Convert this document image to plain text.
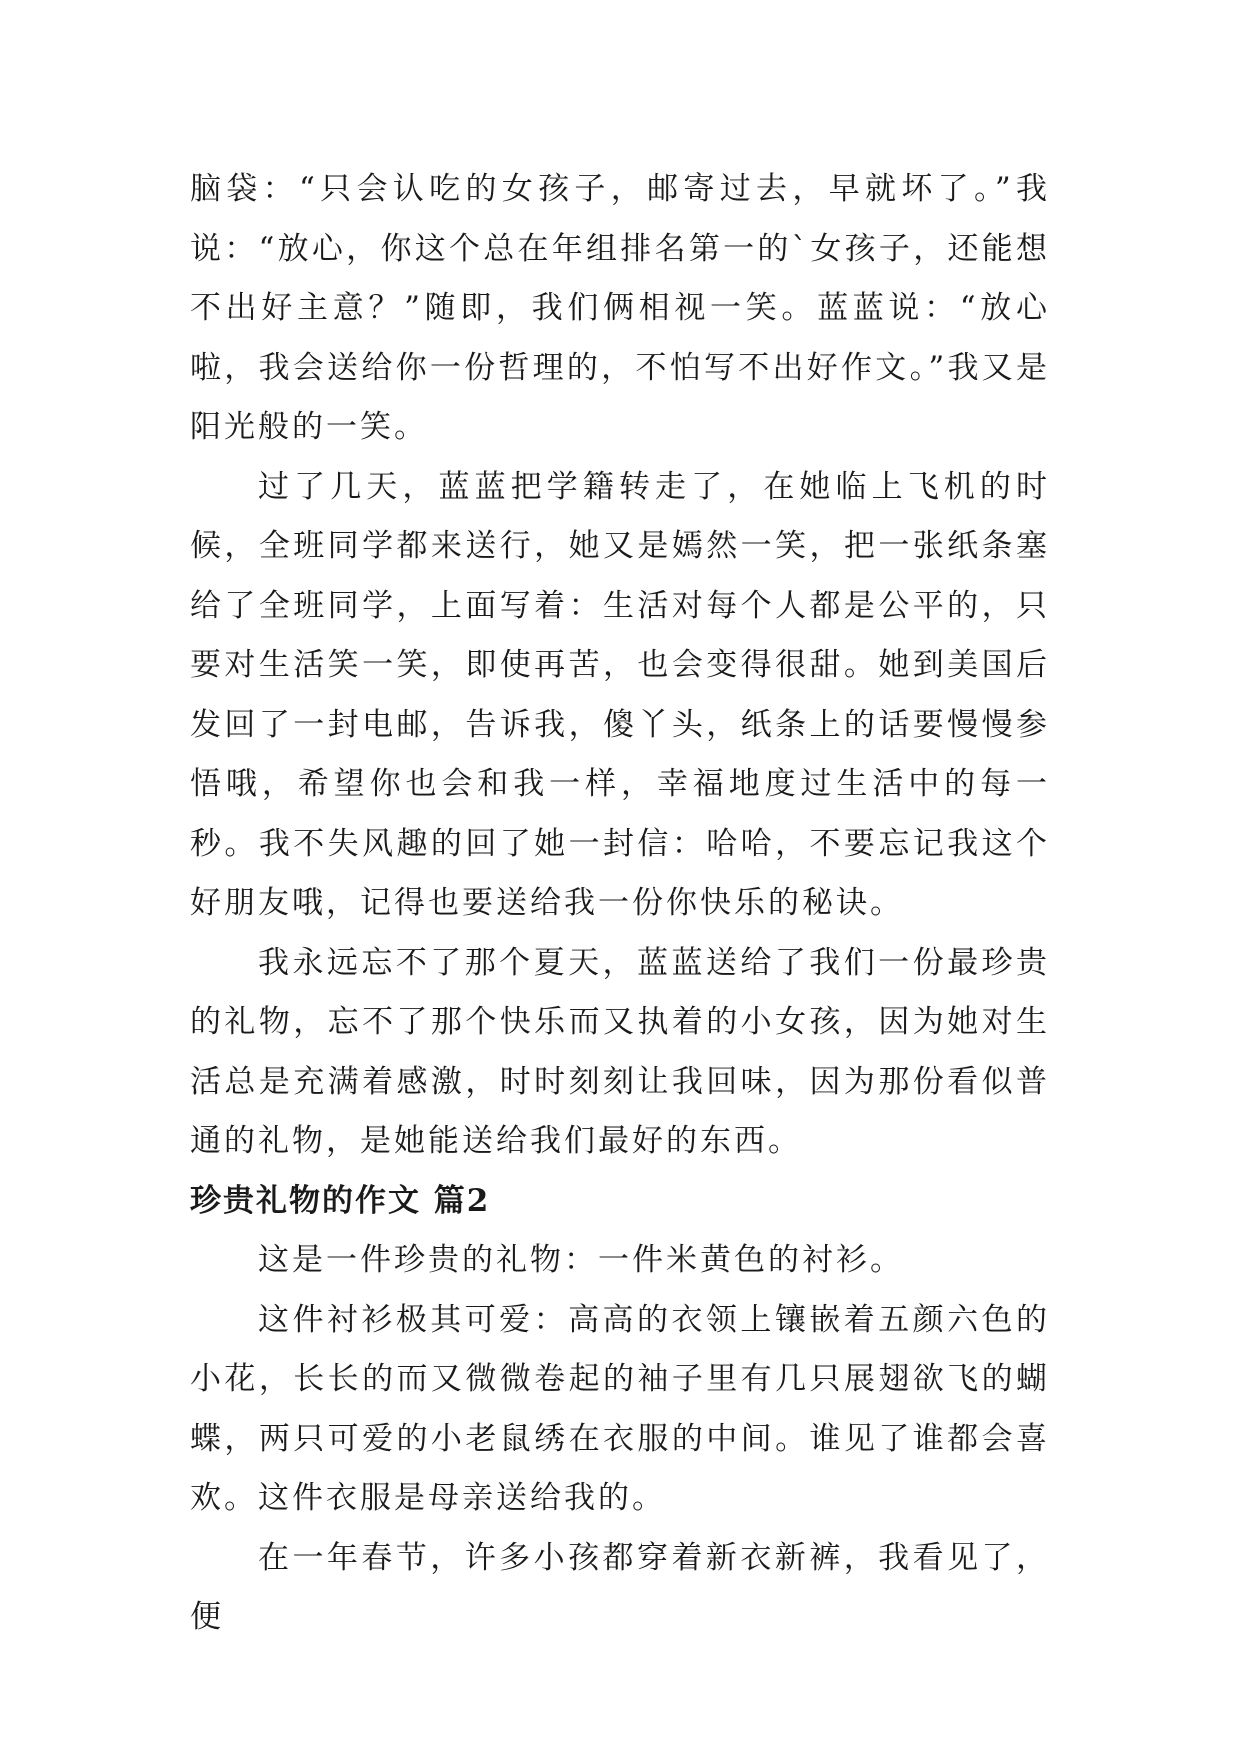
脑袋：“只会认吃的女孩子，邮寄过去，早就坏了。”我说：“放心，你这个总在年组排名第一的`女孩子，还能想不出好主意？”随即，我们俩相视一笑。蓝蓝说：“放心啦，我会送给你一份哲理的，不怕写不出好作文。”我又是阳光般的一笑。

过了几天，蓝蓝把学籍转走了，在她临上飞机的时候，全班同学都来送行，她又是嫣然一笑，把一张纸条塞给了全班同学，上面写着：生活对每个人都是公平的，只要对生活笑一笑，即使再苦，也会变得很甜。她到美国后发回了一封电邮，告诉我，傻丫头，纸条上的话要慢慢参悟哦，希望你也会和我一样，幸福地度过生活中的每一秒。我不失风趣的回了她一封信：哈哈，不要忘记我这个好朋友哦，记得也要送给我一份你快乐的秘诀。

我永远忘不了那个夏天，蓝蓝送给了我们一份最珍贵的礼物，忘不了那个快乐而又执着的小女孩，因为她对生活总是充满着感激，时时刻刻让我回味，因为那份看似普通的礼物，是她能送给我们最好的东西。

珍贵礼物的作文 篇2

这是一件珍贵的礼物：一件米黄色的衬衫。

这件衬衫极其可爱：高高的衣领上镶嵌着五颜六色的小花，长长的而又微微卷起的袖子里有几只展翅欲飞的蝴蝶，两只可爱的小老鼠绣在衣服的中间。谁见了谁都会喜欢。这件衣服是母亲送给我的。

在一年春节，许多小孩都穿着新衣新裤，我看见了，便
